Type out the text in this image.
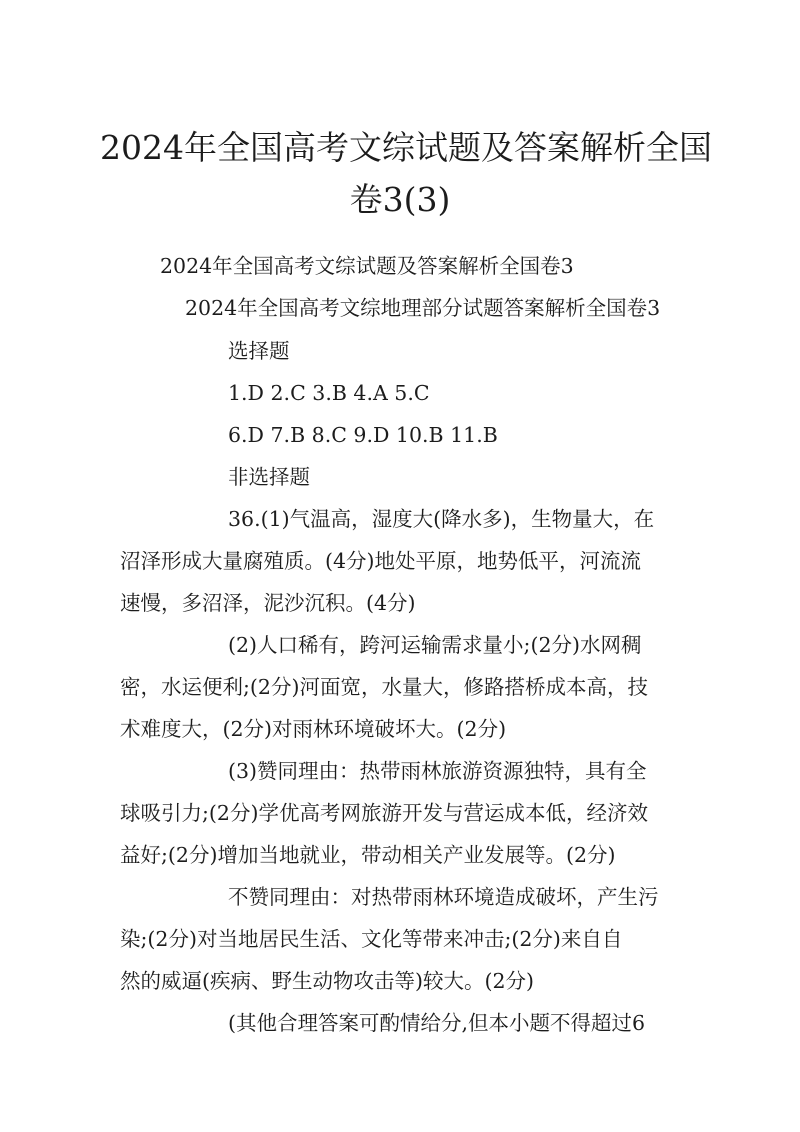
2024年全国高考文综试题及答案解析全国
卷3(3)

2024年全国高考文综试题及答案解析全国卷3

2024年全国高考文综地理部分试题答案解析全国卷3

选择题

1.D 2.C 3.B 4.A 5.C

6.D 7.B 8.C 9.D 10.B 11.B

非选择题

36.(1)气温高，湿度大(降水多)，生物量大，在

沼泽形成大量腐殖质。(4分)地处平原，地势低平，河流流

速慢，多沼泽，泥沙沉积。(4分)

(2)人口稀有，跨河运输需求量小;(2分)水网稠

密，水运便利;(2分)河面宽，水量大，修路搭桥成本高，技

术难度大，(2分)对雨林环境破坏大。(2分)

(3)赞同理由：热带雨林旅游资源独特，具有全

球吸引力;(2分)学优高考网旅游开发与营运成本低，经济效

益好;(2分)增加当地就业，带动相关产业发展等。(2分)

不赞同理由：对热带雨林环境造成破坏，产生污

染;(2分)对当地居民生活、文化等带来冲击;(2分)来自自

然的威逼(疾病、野生动物攻击等)较大。(2分)

(其他合理答案可酌情给分,但本小题不得超过6
